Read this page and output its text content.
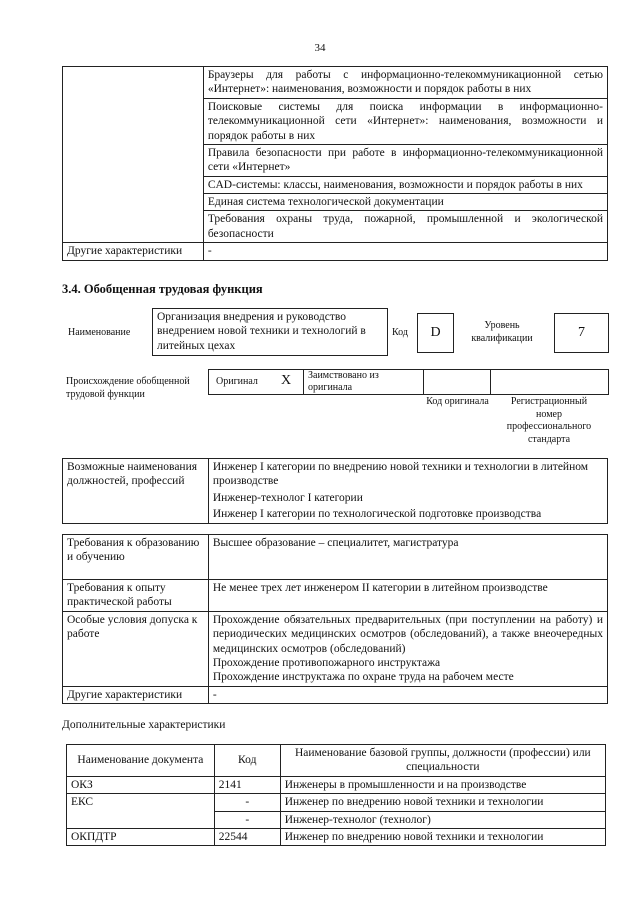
34
	Браузеры для работы с информационно-телекоммуникационной сетью «Интернет»: наименования, возможности и порядок работы в них
	Поисковые системы для поиска информации в информационно-телекоммуникационной сети «Интернет»: наименования, возможности и порядок работы в них
	Правила безопасности при работе в информационно-телекоммуникационной сети «Интернет»
	CAD-системы: классы, наименования, возможности и порядок работы в них
	Единая система технологической документации
	Требования охраны труда, пожарной, промышленной и экологической безопасности
Другие характеристики	-
3.4. Обобщенная трудовая функция
Наименование
Организация внедрения и руководство внедрением новой техники и технологий в литейных цехах
Код	D	Уровень квалификации	7
Происхождение обобщенной трудовой функции
Оригинал	X	Заимствовано из оригинала
Код оригинала	Регистрационный номер профессионального стандарта
Возможные наименования должностей, профессий	
Инженер I категории по внедрению новой техники и технологии в литейном производстве
Инженер-технолог I категории
Инженер I категории по технологической подготовке производства
Требования к образованию и обучению	Высшее образование – специалитет, магистратура
Требования к опыту практической работы	Не менее трех лет инженером II категории в литейном производстве
Особые условия допуска к работе	Прохождение обязательных предварительных (при поступлении на работу) и периодических медицинских осмотров (обследований), а также внеочередных медицинских осмотров (обследований)
Прохождение противопожарного инструктажа
Прохождение инструктажа по охране труда на рабочем месте

Другие характеристики	-
Дополнительные характеристики
Наименование документа	Код	Наименование базовой группы, должности (профессии) или специальности
ОКЗ	2141	Инженеры в промышленности и на производстве
ЕКС	-	Инженер по внедрению новой техники и технологии
	-	Инженер-технолог (технолог)
ОКПДТР	22544	Инженер по внедрению новой техники и технологии
